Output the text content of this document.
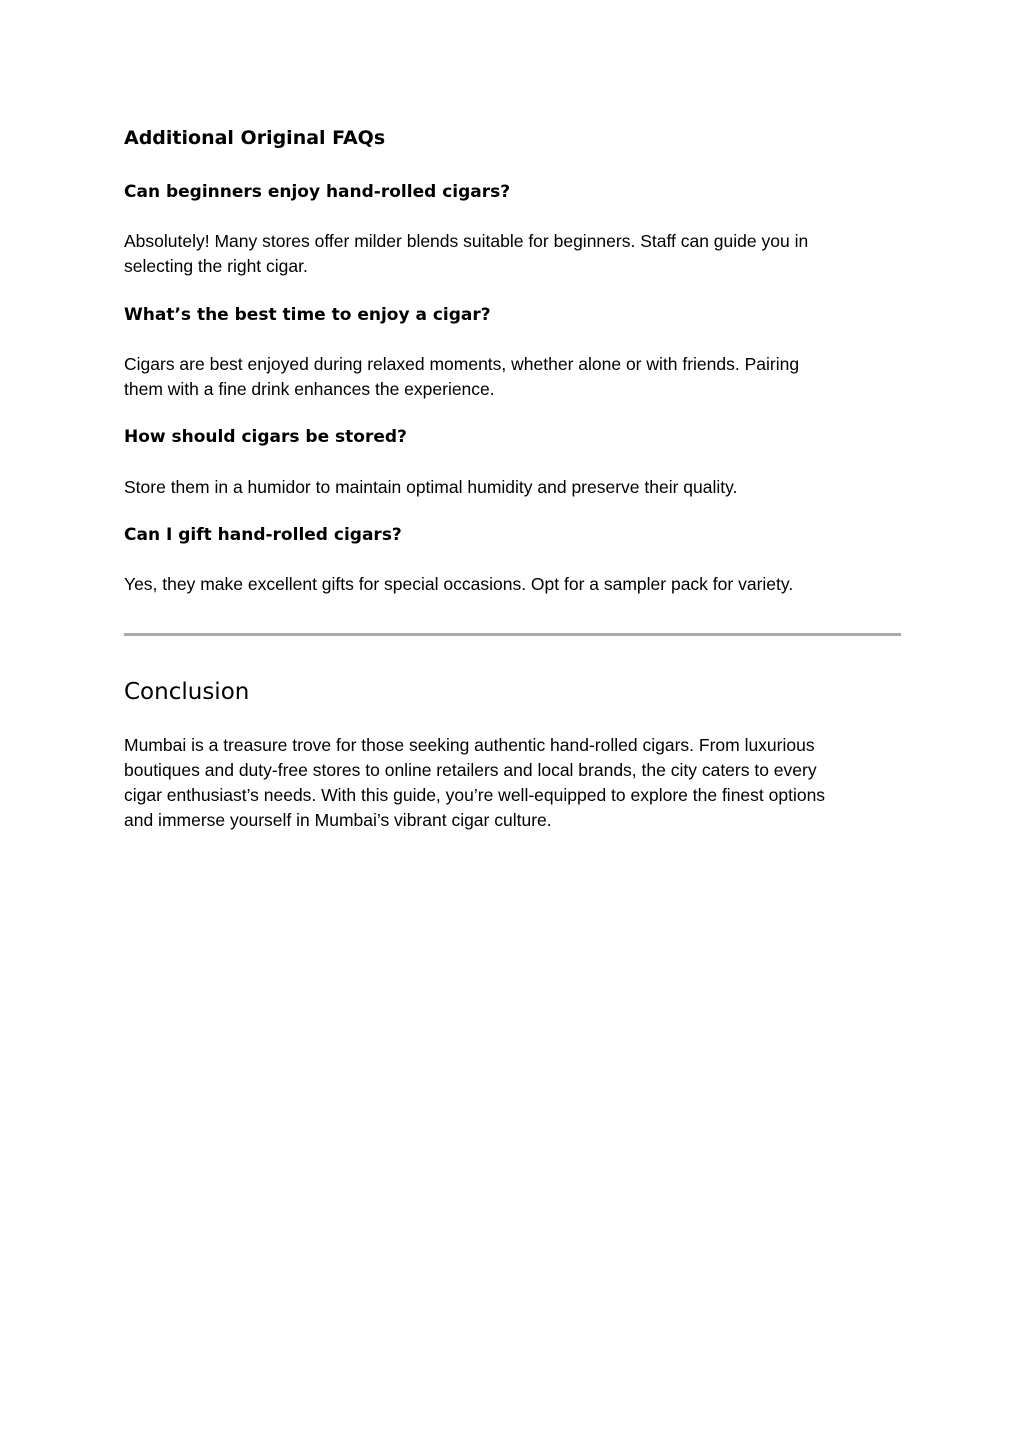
Additional Original FAQs
Can beginners enjoy hand-rolled cigars?

Absolutely! Many stores offer milder blends suitable for beginners. Staff can guide you in
selecting the right cigar.

What’s the best time to enjoy a cigar?

Cigars are best enjoyed during relaxed moments, whether alone or with friends. Pairing
them with a fine drink enhances the experience.

How should cigars be stored?

Store them in a humidor to maintain optimal humidity and preserve their quality.

Can I gift hand-rolled cigars?

Yes, they make excellent gifts for special occasions. Opt for a sampler pack for variety.

Conclusion

Mumbai is a treasure trove for those seeking authentic hand-rolled cigars. From luxurious
boutiques and duty-free stores to online retailers and local brands, the city caters to every
cigar enthusiast’s needs. With this guide, you’re well-equipped to explore the finest options
and immerse yourself in Mumbai’s vibrant cigar culture.
